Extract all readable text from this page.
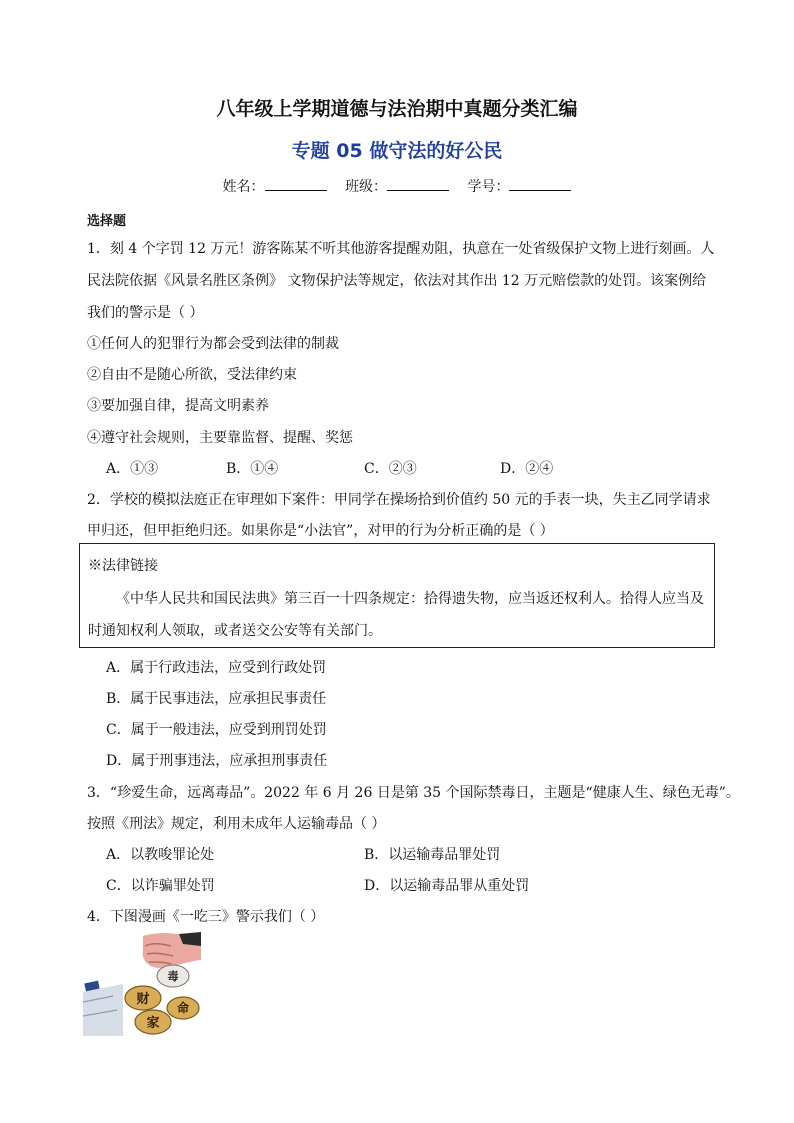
八年级上学期道德与法治期中真题分类汇编
专题 05 做守法的好公民
姓名：	班级：	学号：
选择题
1．刻 4 个字罚 12 万元！游客陈某不听其他游客提醒劝阻，执意在一处省级保护文物上进行刻画。人
民法院依据《风景名胜区条例》 文物保护法等规定，依法对其作出 12 万元赔偿款的处罚。该案例给
我们的警示是（ ）
①任何人的犯罪行为都会受到法律的制裁
②自由不是随心所欲，受法律约束
③要加强自律，提高文明素养
④遵守社会规则，主要靠监督、提醒、奖惩
A．①③	B．①④	C．②③	D．②④
2．学校的模拟法庭正在审理如下案件：甲同学在操场拾到价值约 50 元的手表一块，失主乙同学请求
甲归还，但甲拒绝归还。如果你是“小法官”，对甲的行为分析正确的是（ ）
※法律链接
《中华人民共和国民法典》第三百一十四条规定：拾得遗失物，应当返还权利人。拾得人应当及
时通知权利人领取，或者送交公安等有关部门。
A．属于行政违法，应受到行政处罚
B．属于民事违法，应承担民事责任
C．属于一般违法，应受到刑罚处罚
D．属于刑事违法，应承担刑事责任
3．“珍爱生命，远离毒品”。2022 年 6 月 26 日是第 35 个国际禁毒日，主题是“健康人生、绿色无毒”。
按照《刑法》规定，利用未成年人运输毒品（ ）
A．以教唆罪论处	B．以运输毒品罪处罚
C．以诈骗罪处罚	D．以运输毒品罪从重处罚
4．下图漫画《一吃三》警示我们（ ）
毒
财
命
家
